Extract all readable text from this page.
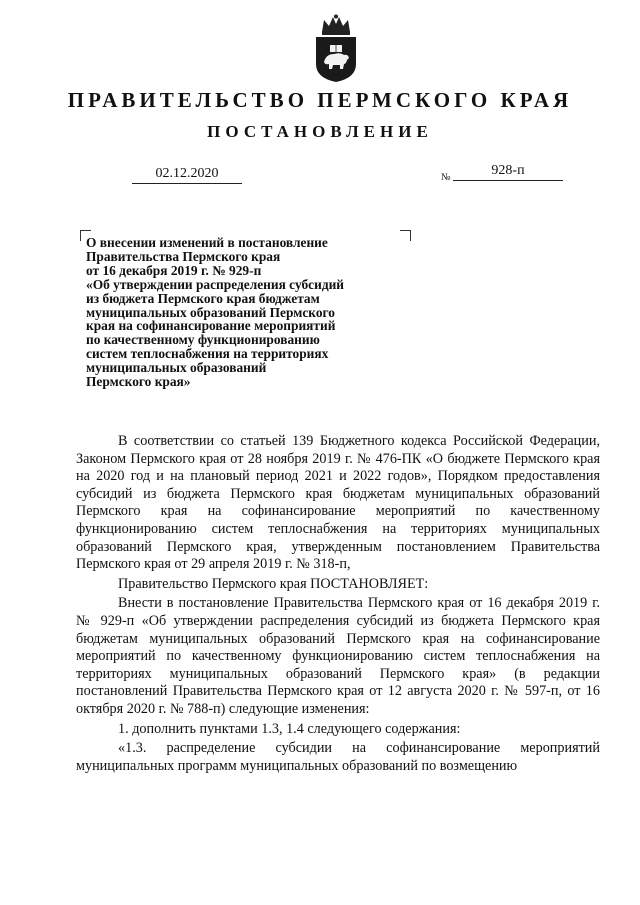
ПРАВИТЕЛЬСТВО ПЕРМСКОГО КРАЯ
ПОСТАНОВЛЕНИЕ
02.12.2020	№	928-п
О внесении изменений в постановление
Правительства Пермского края
от 16 декабря 2019 г. № 929-п
«Об утверждении распределения субсидий
из бюджета Пермского края бюджетам
муниципальных образований Пермского
края на софинансирование мероприятий
по качественному функционированию
систем теплоснабжения на территориях
муниципальных образований
Пермского края»

В соответствии со статьей 139 Бюджетного кодекса Российской Федерации, Законом Пермского края от 28 ноября 2019 г. № 476-ПК «О бюджете Пермского края на 2020 год и на плановый период 2021 и 2022 годов», Порядком предоставления субсидий из бюджета Пермского края бюджетам муниципальных образований Пермского края на софинансирование мероприятий по качественному функционированию систем теплоснабжения на территориях муниципальных образований Пермского края, утвержденным постановлением Правительства Пермского края от 29 апреля 2019 г. № 318-п,

Правительство Пермского края ПОСТАНОВЛЯЕТ:

Внести в постановление Правительства Пермского края от 16 декабря 2019 г. № 929-п «Об утверждении распределения субсидий из бюджета Пермского края бюджетам муниципальных образований Пермского края на софинансирование мероприятий по качественному функционированию систем теплоснабжения на территориях муниципальных образований Пермского края» (в редакции постановлений Правительства Пермского края от 12 августа 2020 г. № 597-п, от 16 октября 2020 г. № 788-п) следующие изменения:

1. дополнить пунктами 1.3, 1.4 следующего содержания:

«1.3. распределение субсидии на софинансирование мероприятий муниципальных программ муниципальных образований по возмещению
